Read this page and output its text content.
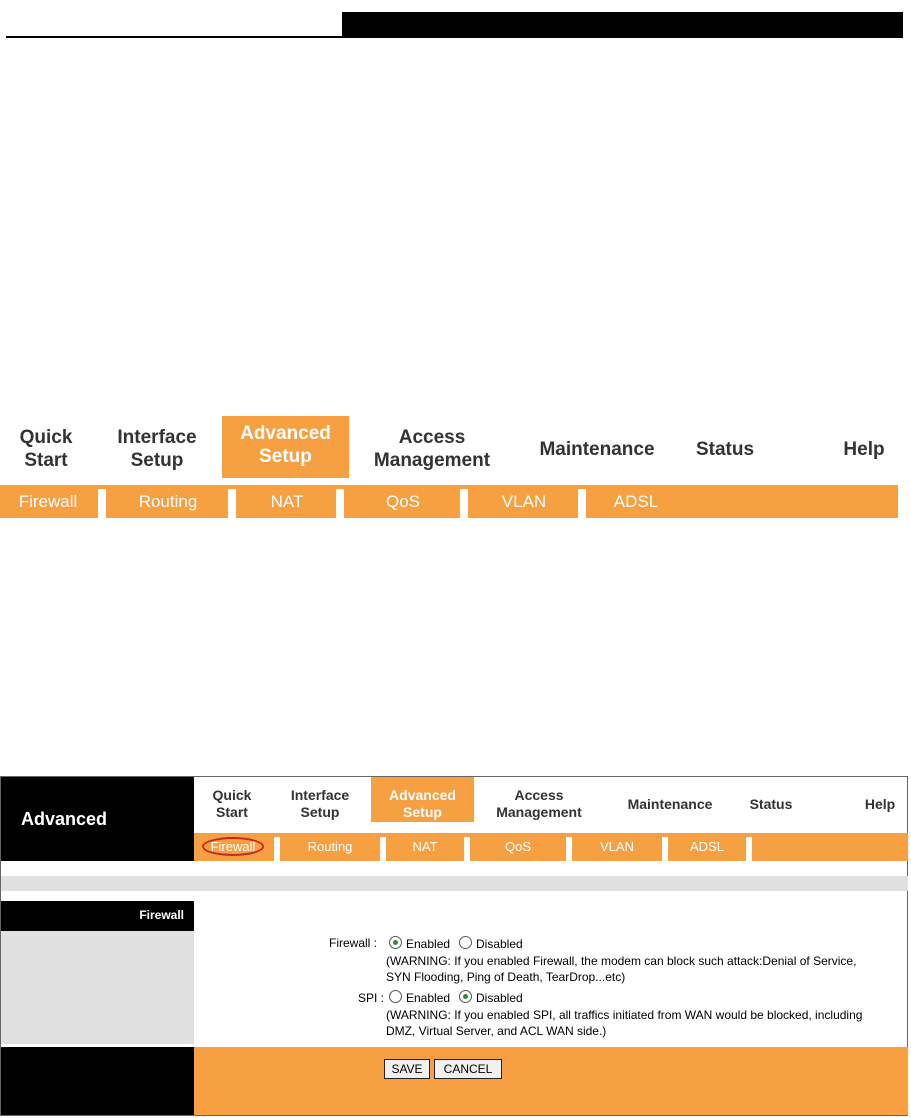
Quick
Start
Interface
Setup
Advanced
Setup
Access
Management
Maintenance	Status	Help
Firewall	Routing	NAT	QoS	VLAN	ADSL
Advanced
Quick
Start
Interface
Setup
Advanced
Setup
Access
Management	Maintenance	Status	Help
Firewall	Routing	NAT	QoS	VLAN	ADSL
Firewall
Firewall : Enabled Disabled
(WARNING: If you enabled Firewall, the modem can block such attack:Denial of Service,
SYN Flooding, Ping of Death, TearDrop...etc)
SPI : Enabled Disabled
(WARNING: If you enabled SPI, all traffics initiated from WAN would be blocked, including
DMZ, Virtual Server, and ACL WAN side.)
SAVE	CANCEL
